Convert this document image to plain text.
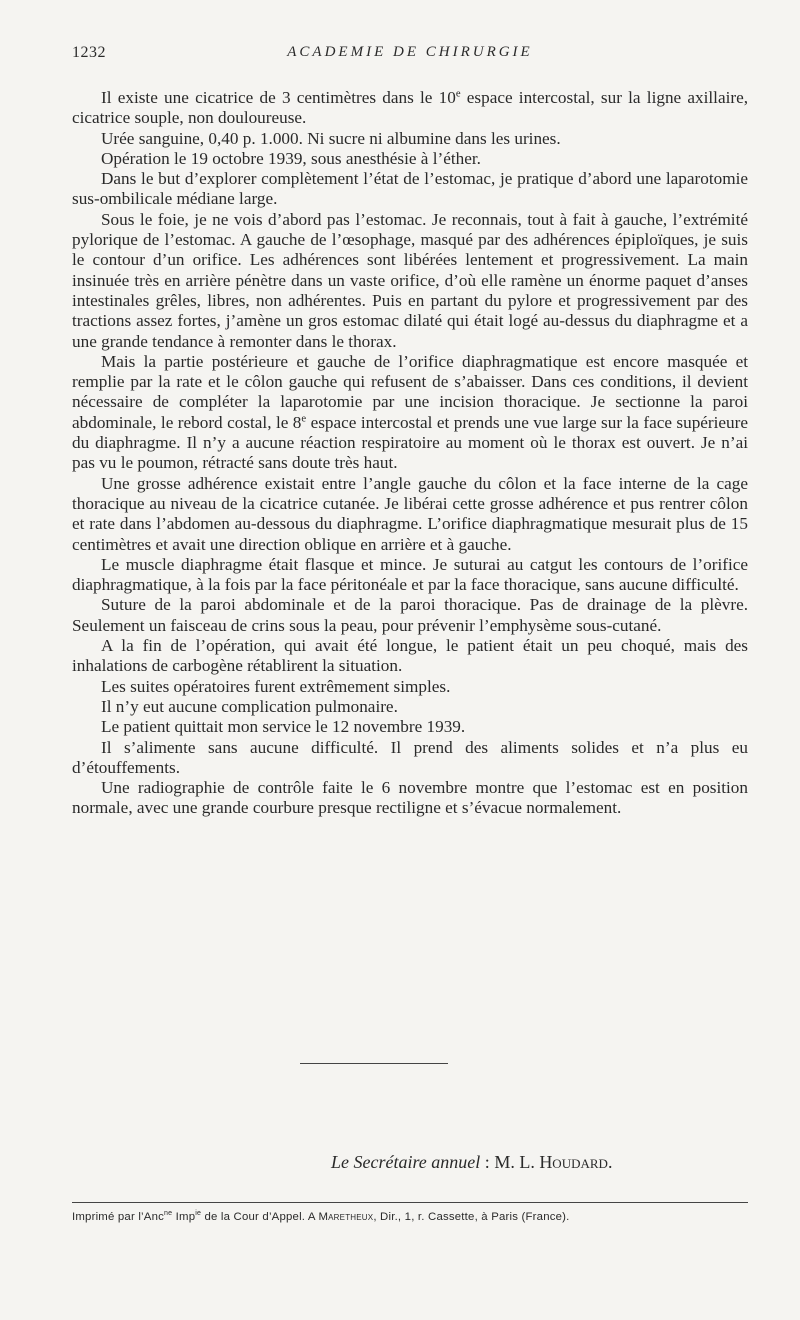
1232	ACADEMIE DE CHIRURGIE

Il existe une cicatrice de 3 centimètres dans le 10e espace intercostal, sur la ligne axillaire, cicatrice souple, non douloureuse.

Urée sanguine, 0,40 p. 1.000. Ni sucre ni albumine dans les urines.

Opération le 19 octobre 1939, sous anesthésie à l’éther.

Dans le but d’explorer complètement l’état de l’estomac, je pratique d’abord une laparotomie sus-ombilicale médiane large.

Sous le foie, je ne vois d’abord pas l’estomac. Je reconnais, tout à fait à gauche, l’extrémité pylorique de l’estomac. A gauche de l’œsophage, masqué par des adhérences épiploïques, je suis le contour d’un orifice. Les adhérences sont libérées lentement et progressivement. La main insinuée très en arrière pénètre dans un vaste orifice, d’où elle ramène un énorme paquet d’anses intestinales grêles, libres, non adhérentes. Puis en partant du pylore et progressivement par des tractions assez fortes, j’amène un gros estomac dilaté qui était logé au-dessus du diaphragme et a une grande tendance à remonter dans le thorax.

Mais la partie postérieure et gauche de l’orifice diaphragmatique est encore masquée et remplie par la rate et le côlon gauche qui refusent de s’abaisser. Dans ces conditions, il devient nécessaire de compléter la laparotomie par une incision thoracique. Je sectionne la paroi abdominale, le rebord costal, le 8e espace intercostal et prends une vue large sur la face supérieure du diaphragme. Il n’y a aucune réaction respiratoire au moment où le thorax est ouvert. Je n’ai pas vu le poumon, rétracté sans doute très haut.

Une grosse adhérence existait entre l’angle gauche du côlon et la face interne de la cage thoracique au niveau de la cicatrice cutanée. Je libérai cette grosse adhérence et pus rentrer côlon et rate dans l’abdomen au-dessous du diaphragme. L’orifice diaphragmatique mesurait plus de 15 centimètres et avait une direction oblique en arrière et à gauche.

Le muscle diaphragme était flasque et mince. Je suturai au catgut les contours de l’orifice diaphragmatique, à la fois par la face péritonéale et par la face thoracique, sans aucune difficulté.

Suture de la paroi abdominale et de la paroi thoracique. Pas de drainage de la plèvre. Seulement un faisceau de crins sous la peau, pour prévenir l’emphysème sous-cutané.

A la fin de l’opération, qui avait été longue, le patient était un peu choqué, mais des inhalations de carbogène rétablirent la situation.

Les suites opératoires furent extrêmement simples.

Il n’y eut aucune complication pulmonaire.

Le patient quittait mon service le 12 novembre 1939.

Il s’alimente sans aucune difficulté. Il prend des aliments solides et n’a plus eu d’étouffements.

Une radiographie de contrôle faite le 6 novembre montre que l’estomac est en position normale, avec une grande courbure presque rectiligne et s’évacue normalement.

Le Secrétaire annuel : M. L. Houdard.
Imprimé par l’Anc$^{ne}$ Imp$^{ie}$ de la Cour d’Appel. A Maretheux, Dir., 1, r. Cassette, à Paris (France).
